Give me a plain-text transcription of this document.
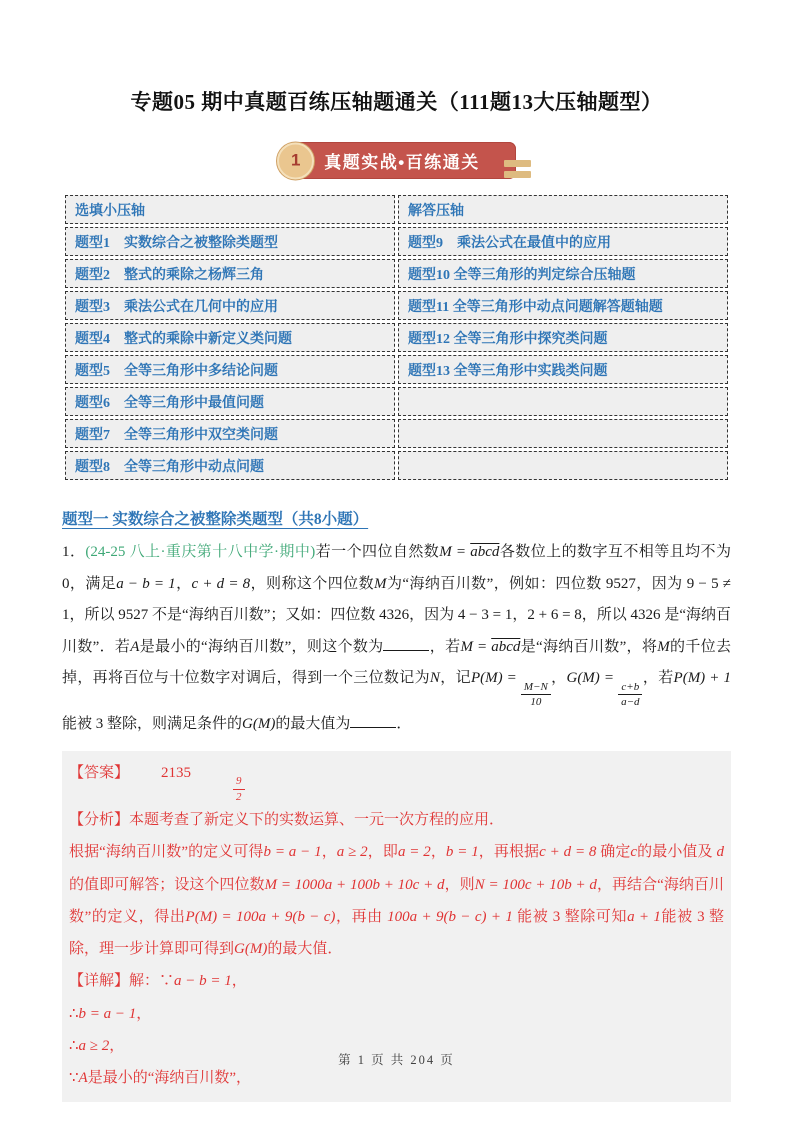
专题05 期中真题百练压轴题通关（111题13大压轴题型）
真题实战•百练通关
1
选填小压轴	解答压轴
题型1　实数综合之被整除类题型	题型9　乘法公式在最值中的应用
题型2　整式的乘除之杨辉三角	题型10 全等三角形的判定综合压轴题
题型3　乘法公式在几何中的应用	题型11 全等三角形中动点问题解答题轴题
题型4　整式的乘除中新定义类问题	题型12 全等三角形中探究类问题
题型5　全等三角形中多结论问题	题型13 全等三角形中实践类问题
题型6　全等三角形中最值问题	
题型7　全等三角形中双空类问题	
题型8　全等三角形中动点问题	
题型一 实数综合之被整除类题型（共8小题）

1．(24-25 八上·重庆第十八中学·期中)若一个四位自然数M = abcd各数位上的数字互不相等且均不为 0，满足a − b = 1，c + d = 8，则称这个四位数M为“海纳百川数”，例如：四位数 9527，因为 9 − 5 ≠ 1，所以 9527 不是“海纳百川数”；又如：四位数 4326，因为 4 − 3 = 1，2 + 6 = 8，所以 4326 是“海纳百川数”．若A是最小的“海纳百川数”，则这个数为	，若M = abcd是“海纳百川数”，将M的千位去掉，再将百位与十位数字对调后，得到一个三位数记为N，记P(M) =
$\frac{M-N}{10}$
，G(M) =
$\frac{c+b}{a-d}$
，若P(M) + 1 能被 3 整除，则满足条件的G(M)的最大值为	．

【答案】 2135
$\frac{9}{2}$

【分析】本题考查了新定义下的实数运算、一元一次方程的应用．

根据“海纳百川数”的定义可得b = a − 1，a ≥ 2，即a = 2，b = 1，再根据c + d = 8 确定c的最小值及 d 的值即可解答；设这个四位数M = 1000a + 100b + 10c + d，则N = 100c + 10b + d，再结合“海纳百川数”的定义，得出P(M) = 100a + 9(b − c)，再由 100a + 9(b − c) + 1 能被 3 整除可知a + 1能被 3 整除，理一步计算即可得到G(M)的最大值．

【详解】解：∵a − b = 1，

∴b = a − 1，

∴a ≥ 2，

∵A是最小的“海纳百川数”，

第 1 页 共 204 页
